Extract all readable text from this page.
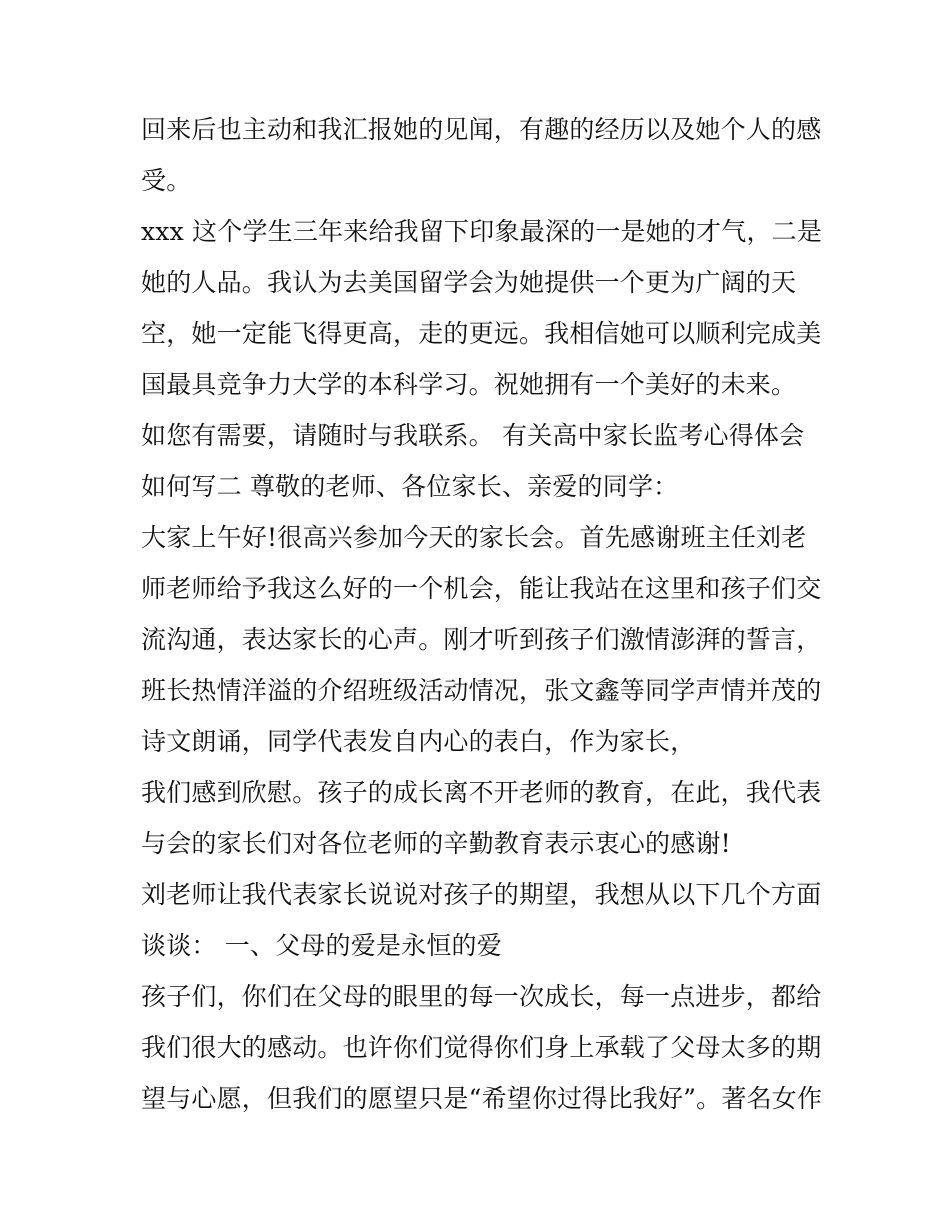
回来后也主动和我汇报她的见闻，有趣的经历以及她个人的感
受。
xxx 这个学生三年来给我留下印象最深的一是她的才气，二是
她的人品。我认为去美国留学会为她提供一个更为广阔的天
空，她一定能飞得更高，走的更远。我相信她可以顺利完成美
国最具竞争力大学的本科学习。祝她拥有一个美好的未来。
如您有需要，请随时与我联系。 有关高中家长监考心得体会
如何写二 尊敬的老师、各位家长、亲爱的同学：
大家上午好!很高兴参加今天的家长会。首先感谢班主任刘老
师老师给予我这么好的一个机会，能让我站在这里和孩子们交
流沟通，表达家长的心声。刚才听到孩子们激情澎湃的誓言，
班长热情洋溢的介绍班级活动情况，张文鑫等同学声情并茂的
诗文朗诵，同学代表发自内心的表白，作为家长，
我们感到欣慰。孩子的成长离不开老师的教育，在此，我代表
与会的家长们对各位老师的辛勤教育表示衷心的感谢!
刘老师让我代表家长说说对孩子的期望，我想从以下几个方面
谈谈： 一、父母的爱是永恒的爱
孩子们，你们在父母的眼里的每一次成长，每一点进步，都给
我们很大的感动。也许你们觉得你们身上承载了父母太多的期
望与心愿，但我们的愿望只是“希望你过得比我好”。著名女作
